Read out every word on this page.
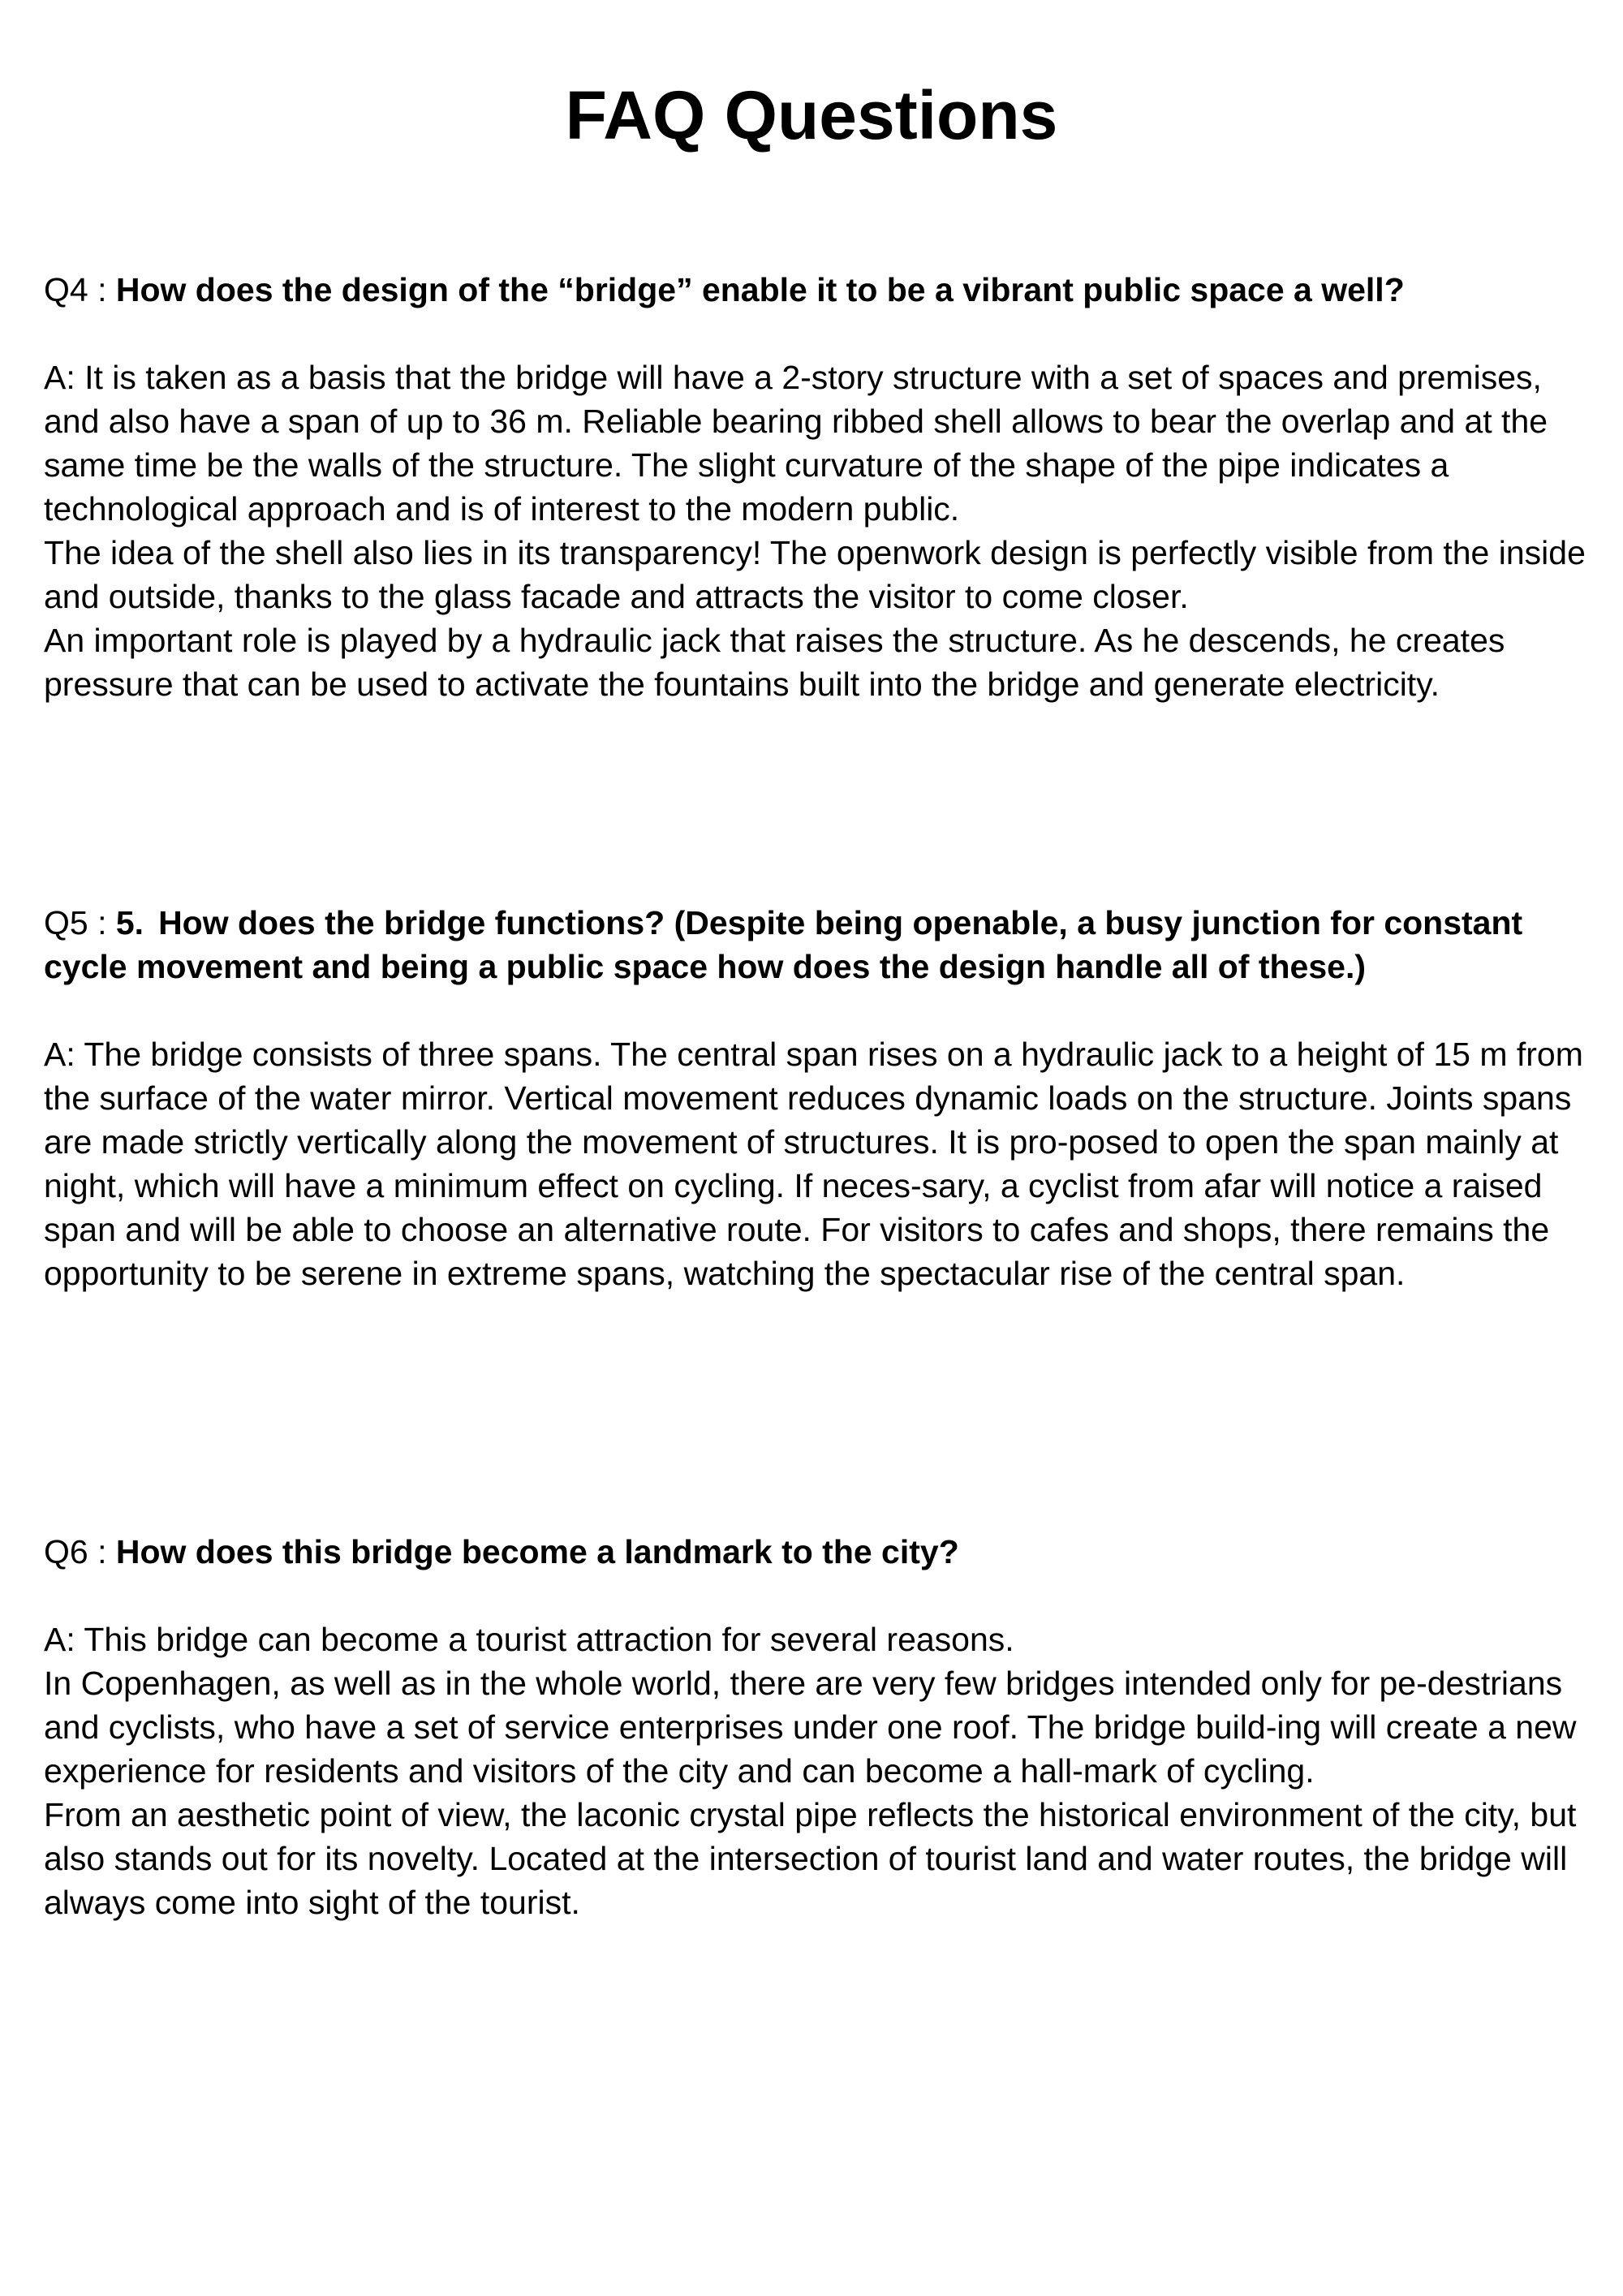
FAQ Questions

Q4 : How does the design of the “bridge” enable it to be a vibrant public space a well?

A: It is taken as a basis that the bridge will have a 2-story structure with a set of spaces and premises, and also have a span of up to 36 m. Reliable bearing ribbed shell allows to bear the overlap and at the same time be the walls of the structure. The slight curvature of the shape of the pipe indicates a technological approach and is of interest to the modern public.

The idea of the shell also lies in its transparency! The openwork design is perfectly visible from the inside and outside, thanks to the glass facade and attracts the visitor to come closer.

An important role is played by a hydraulic jack that raises the structure. As he descends, he creates pressure that can be used to activate the fountains built into the bridge and generate electricity.

Q5 : 5. How does the bridge functions? (Despite being openable, a busy junction for constant cycle movement and being a public space how does the design handle all of these.)

A: The bridge consists of three spans. The central span rises on a hydraulic jack to a height of 15 m from the surface of the water mirror. Vertical movement reduces dynamic loads on the structure. Joints spans are made strictly vertically along the movement of structures. It is pro-posed to open the span mainly at night, which will have a minimum effect on cycling. If neces-sary, a cyclist from afar will notice a raised span and will be able to choose an alternative route. For visitors to cafes and shops, there remains the opportunity to be serene in extreme spans, watching the spectacular rise of the central span.

Q6 : How does this bridge become a landmark to the city?

A: This bridge can become a tourist attraction for several reasons.

In Copenhagen, as well as in the whole world, there are very few bridges intended only for pe-destrians and cyclists, who have a set of service enterprises under one roof. The bridge build-ing will create a new experience for residents and visitors of the city and can become a hall-mark of cycling.

From an aesthetic point of view, the laconic crystal pipe reflects the historical environment of the city, but also stands out for its novelty. Located at the intersection of tourist land and water routes, the bridge will always come into sight of the tourist.
